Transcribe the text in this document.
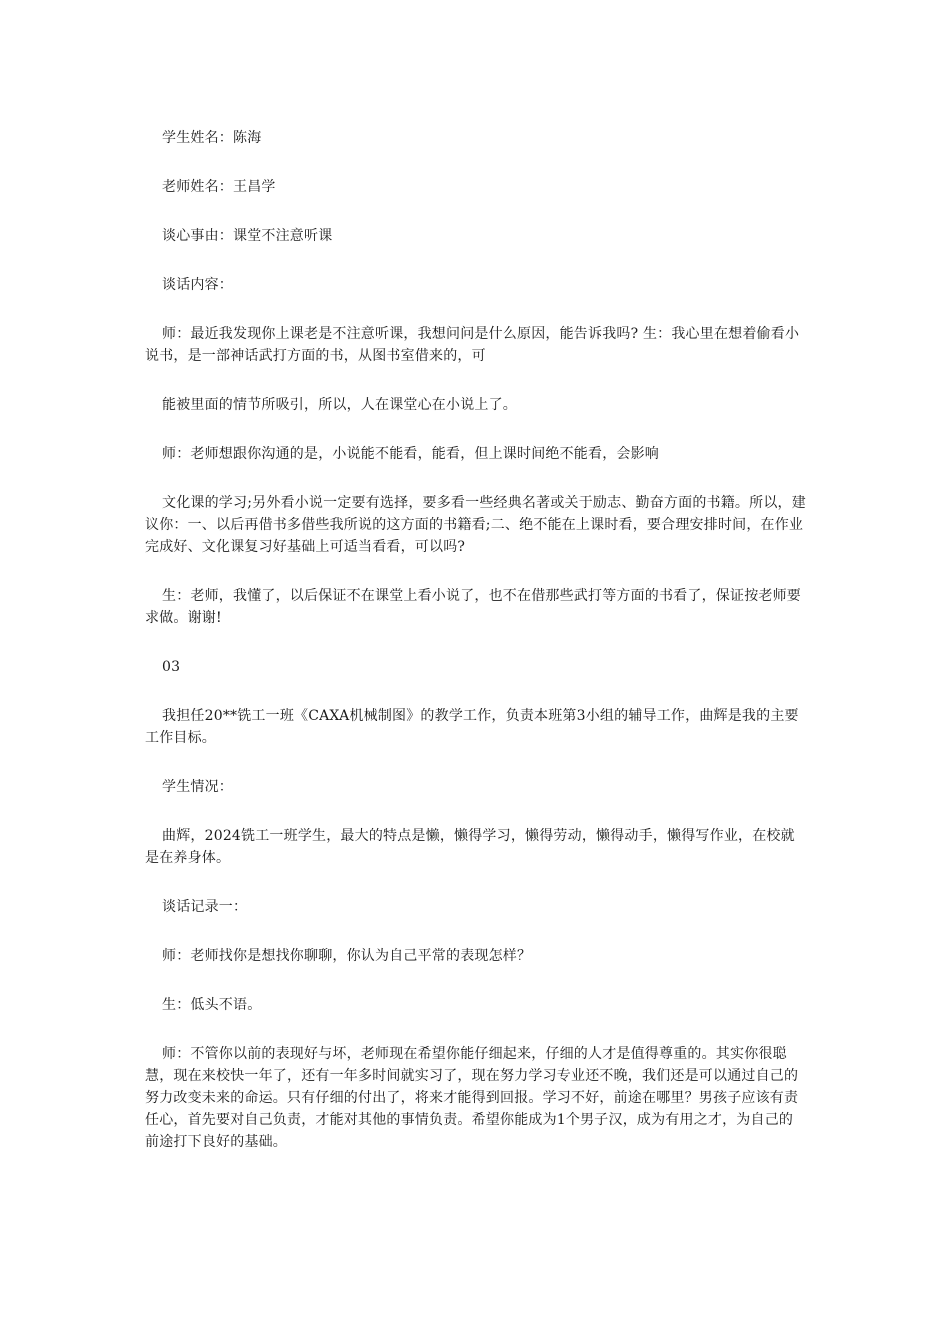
学生姓名：陈海

老师姓名：王昌学

谈心事由：课堂不注意听课

谈话内容：

师：最近我发现你上课老是不注意听课，我想问问是什么原因，能告诉我吗? 生：我心里在想着偷看小说书，是一部神话武打方面的书，从图书室借来的，可

能被里面的情节所吸引，所以，人在课堂心在小说上了。

师：老师想跟你沟通的是，小说能不能看，能看，但上课时间绝不能看，会影响

文化课的学习;另外看小说一定要有选择，要多看一些经典名著或关于励志、勤奋方面的书籍。所以，建议你：一、以后再借书多借些我所说的这方面的书籍看;二、绝不能在上课时看，要合理安排时间，在作业完成好、文化课复习好基础上可适当看看，可以吗?

生：老师，我懂了，以后保证不在课堂上看小说了，也不在借那些武打等方面的书看了，保证按老师要求做。谢谢!

03

我担任20**铣工一班《CAXA机械制图》的教学工作，负责本班第3小组的辅导工作，曲辉是我的主要工作目标。

学生情况：

曲辉，2024铣工一班学生，最大的特点是懒，懒得学习，懒得劳动，懒得动手，懒得写作业，在校就是在养身体。

谈话记录一：

师：老师找你是想找你聊聊，你认为自己平常的表现怎样？

生：低头不语。

师：不管你以前的表现好与坏，老师现在希望你能仔细起来，仔细的人才是值得尊重的。其实你很聪慧，现在来校快一年了，还有一年多时间就实习了，现在努力学习专业还不晚，我们还是可以通过自己的努力改变未来的命运。只有仔细的付出了，将来才能得到回报。学习不好，前途在哪里？男孩子应该有责任心，首先要对自己负责，才能对其他的事情负责。希望你能成为1个男子汉，成为有用之才，为自己的前途打下良好的基础。
